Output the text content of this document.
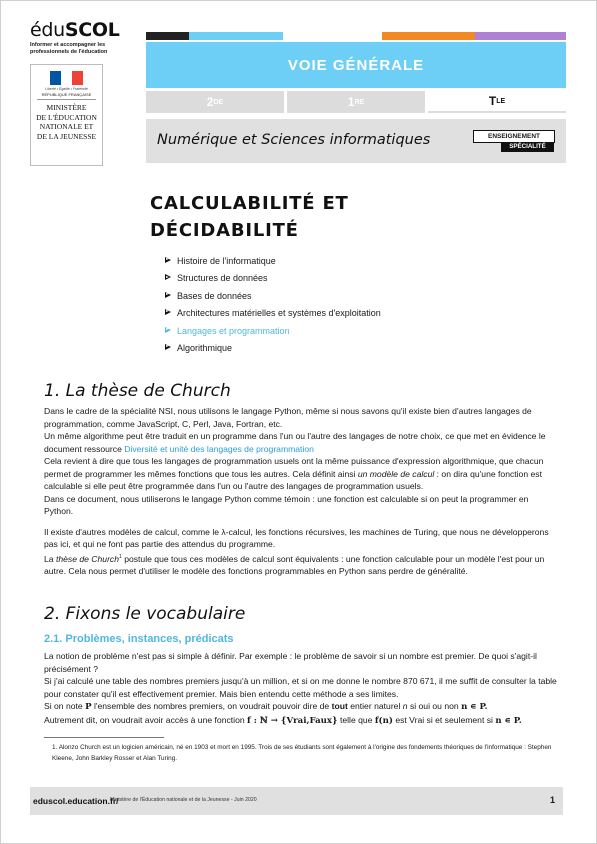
éduSCOL
Informer et accompagner les professionnels de l'éducation
Liberté • Égalité • Fraternité
RÉPUBLIQUE FRANÇAISE
MINISTÈRE
DE L'ÉDUCATION
NATIONALE ET
DE LA JEUNESSE
VOIE GÉNÉRALE
2 DE	1 RE	T LE
Numérique et Sciences informatiques	ENSEIGNEMENT
SPÉCIALITÉ
CALCULABILITÉ ET
DÉCIDABILITÉ
Histoire de l'informatique
Structures de données
Bases de données
Architectures matérielles et systèmes d'exploitation
Langages et programmation
Algorithmique
1. La thèse de Church
Dans le cadre de la spécialité NSI, nous utilisons le langage Python, même si nous savons qu'il existe bien d'autres langages de programmation, comme JavaScript, C, Perl, Java, Fortran, etc.
Un même algorithme peut être traduit en un programme dans l'un ou l'autre des langages de notre choix, ce que met en évidence le document ressource Diversité et unité des langages de programmation
Cela revient à dire que tous les langages de programmation usuels ont la même puissance d'expression algorithmique, que chacun permet de programmer les mêmes fonctions que tous les autres. Cela définit ainsi un modèle de calcul : on dira qu'une fonction est calculable si elle peut être programmée dans l'un ou l'autre des langages de programmation usuels.
Dans ce document, nous utiliserons le langage Python comme témoin : une fonction est calculable si on peut la programmer en Python.
Il existe d'autres modèles de calcul, comme le λ-calcul, les fonctions récursives, les machines de Turing, que nous ne développerons pas ici, et qui ne font pas partie des attendus du programme.
La thèse de Church$^1$ postule que tous ces modèles de calcul sont équivalents : une fonction calculable pour un modèle l'est pour un autre. Cela nous permet d'utiliser le modèle des fonctions programmables en Python sans perdre de généralité.
2. Fixons le vocabulaire
2.1. Problèmes, instances, prédicats
La notion de problème n'est pas si simple à définir. Par exemple : le problème de savoir si un nombre est premier. De quoi s'agit-il précisément ?
Si j'ai calculé une table des nombres premiers jusqu'à un million, et si on me donne le nombre 870 671, il me suffit de consulter la table pour constater qu'il est effectivement premier. Mais bien entendu cette méthode a ses limites.
Si on note P l'ensemble des nombres premiers, on voudrait pouvoir dire de tout entier naturel n si oui ou non n ∊ P.
Autrement dit, on voudrait avoir accès à une fonction f : ℕ → {Vrai,Faux} telle que f(n) est Vrai si et seulement si n ∊ P.
1. Alonzo Church est un logicien américain, né en 1903 et mort en 1995. Trois de ses étudiants sont également à l'origine des fondements théoriques de l'informatique : Stephen Kleene, John Barkley Rosser et Alan Turing.
eduscol.education.fr/
Ministère de l'Éducation nationale et de la Jeunesse - Juin 2020	1
